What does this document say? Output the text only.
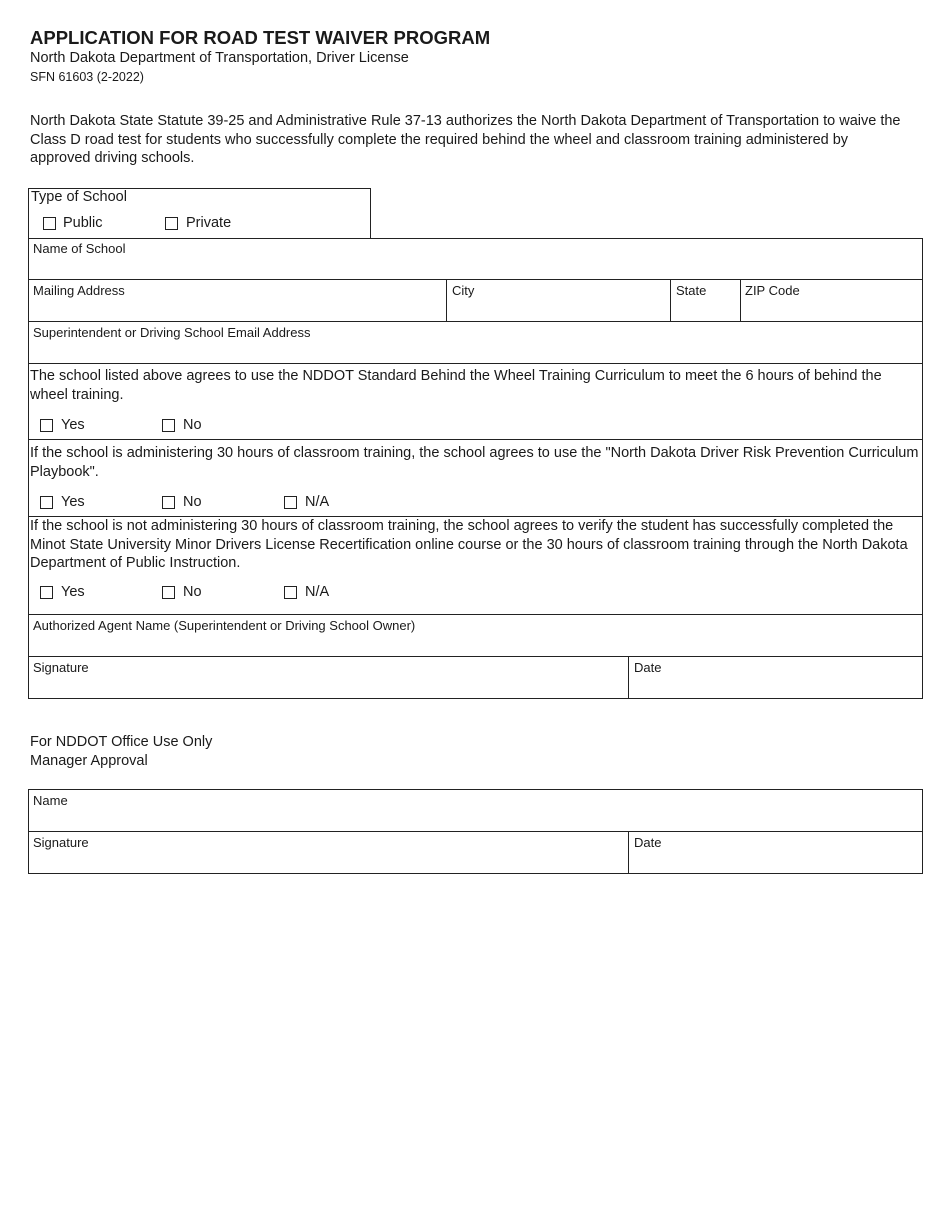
APPLICATION FOR ROAD TEST WAIVER PROGRAM
North Dakota Department of Transportation, Driver License
SFN 61603 (2-2022)
North Dakota State Statute 39-25 and Administrative Rule 37-13 authorizes the North Dakota Department of Transportation to waive the Class D road test for students who successfully complete the required behind the wheel and classroom training administered by approved driving schools.
Type of School
Public	Private
Name of School
Mailing Address	City	State	ZIP Code
Superintendent or Driving School Email Address
The school listed above agrees to use the NDDOT Standard Behind the Wheel Training Curriculum to meet the 6 hours of behind the wheel training.
Yes	No
If the school is administering 30 hours of classroom training, the school agrees to use the "North Dakota Driver Risk Prevention Curriculum Playbook".
Yes	No	N/A
If the school is not administering 30 hours of classroom training, the school agrees to verify the student has successfully completed the Minot State University Minor Drivers License Recertification online course or the 30 hours of classroom training through the North Dakota Department of Public Instruction.
Yes	No	N/A
Authorized Agent Name (Superintendent or Driving School Owner)
Signature	Date
For NDDOT Office Use Only
Manager Approval
Name
Signature	Date
